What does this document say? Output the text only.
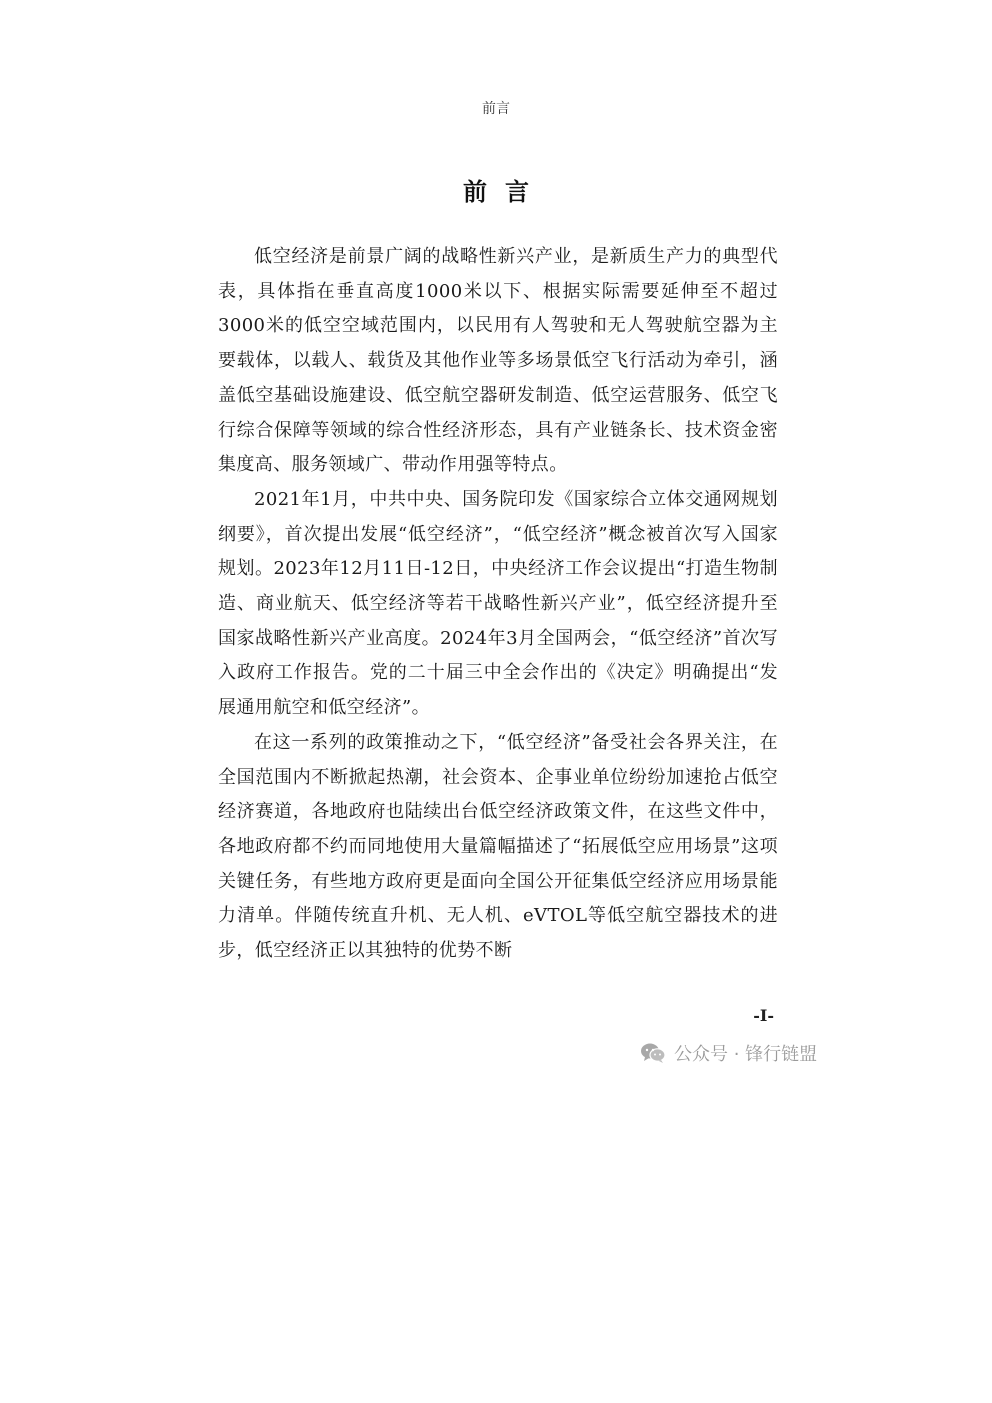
前言
前言

低空经济是前景广阔的战略性新兴产业，是新质生产力的典型代表，具体指在垂直高度1000米以下、根据实际需要延伸至不超过3000米的低空空域范围内，以民用有人驾驶和无人驾驶航空器为主要载体，以载人、载货及其他作业等多场景低空飞行活动为牵引，涵盖低空基础设施建设、低空航空器研发制造、低空运营服务、低空飞行综合保障等领域的综合性经济形态，具有产业链条长、技术资金密集度高、服务领域广、带动作用强等特点。

2021年1月，中共中央、国务院印发《国家综合立体交通网规划纲要》，首次提出发展“低空经济”，“低空经济”概念被首次写入国家规划。2023年12月11日-12日，中央经济工作会议提出“打造生物制造、商业航天、低空经济等若干战略性新兴产业”，低空经济提升至国家战略性新兴产业高度。2024年3月全国两会，“低空经济”首次写入政府工作报告。党的二十届三中全会作出的《决定》明确提出“发展通用航空和低空经济”。

在这一系列的政策推动之下，“低空经济”备受社会各界关注，在全国范围内不断掀起热潮，社会资本、企事业单位纷纷加速抢占低空经济赛道，各地政府也陆续出台低空经济政策文件，在这些文件中，各地政府都不约而同地使用大量篇幅描述了“拓展低空应用场景”这项关键任务，有些地方政府更是面向全国公开征集低空经济应用场景能力清单。伴随传统直升机、无人机、eVTOL等低空航空器技术的进步，低空经济正以其独特的优势不断

-I-
公众号 · 锋行链盟
